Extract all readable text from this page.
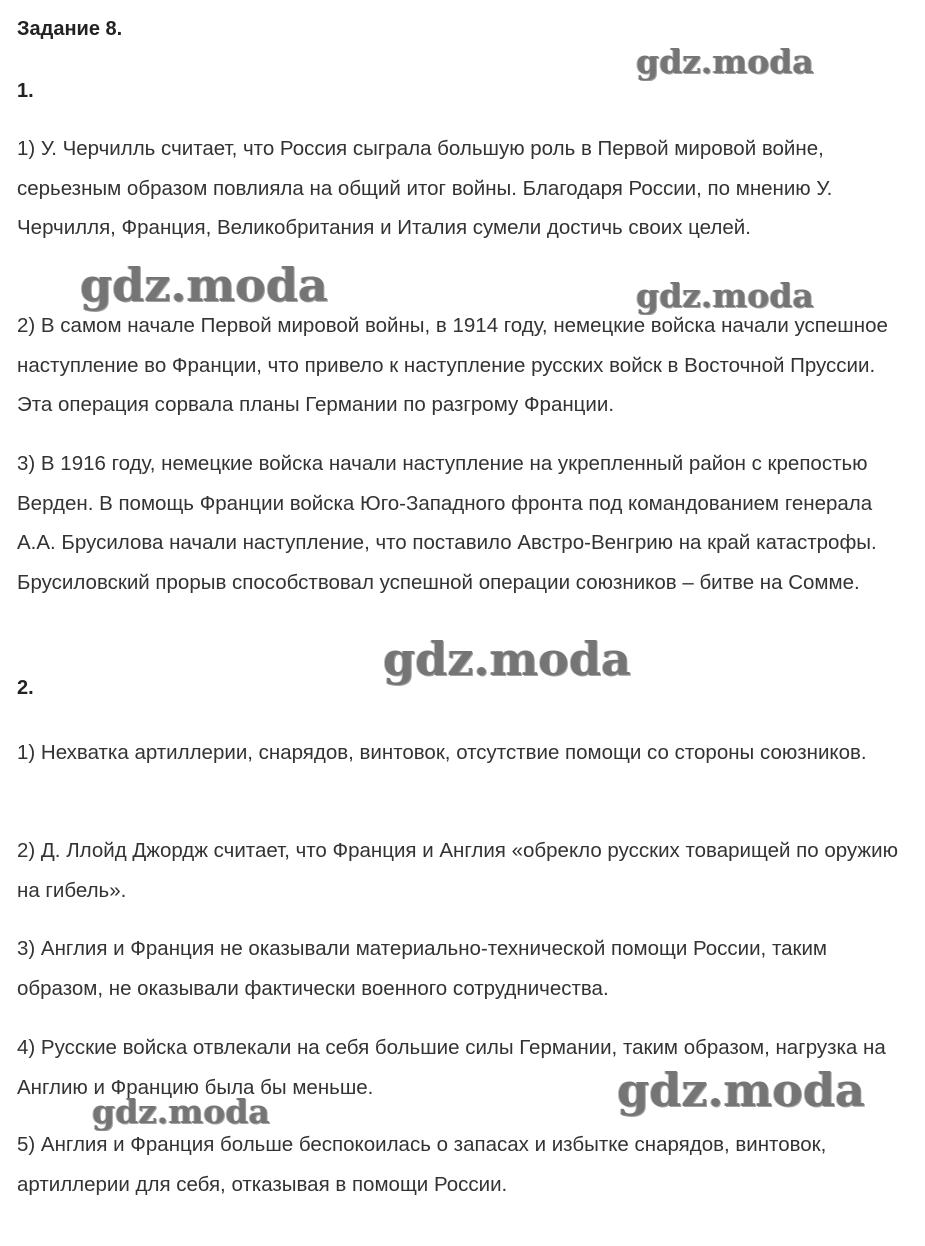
Задание 8.
1.

1) У. Черчилль считает, что Россия сыграла большую роль в Первой мировой войне, серьезным образом повлияла на общий итог войны. Благодаря России, по мнению У. Черчилля, Франция, Великобритания и Италия сумели достичь своих целей.

2) В самом начале Первой мировой войны, в 1914 году, немецкие войска начали успешное наступление во Франции, что привело к наступление русских войск в Восточной Пруссии. Эта операция сорвала планы Германии по разгрому Франции.

3) В 1916 году, немецкие войска начали наступление на укрепленный район с крепостью Верден. В помощь Франции войска Юго-Западного фронта под командованием генерала А.А. Брусилова начали наступление, что поставило Австро-Венгрию на край катастрофы. Брусиловский прорыв способствовал успешной операции союзников – битве на Сомме.

2.

1) Нехватка артиллерии, снарядов, винтовок, отсутствие помощи со стороны союзников.

2) Д. Ллойд Джордж считает, что Франция и Англия «обрекло русских товарищей по оружию на гибель».

3) Англия и Франция не оказывали материально-технической помощи России, таким образом, не оказывали фактически военного сотрудничества.

4) Русские войска отвлекали на себя большие силы Германии, таким образом, нагрузка на Англию и Францию была бы меньше.

5) Англия и Франция больше беспокоилась о запасах и избытке снарядов, винтовок, артиллерии для себя, отказывая в помощи России.

gdz.moda
gdz.moda	gdz.moda
gdz.moda
gdz.moda
gdz.moda
